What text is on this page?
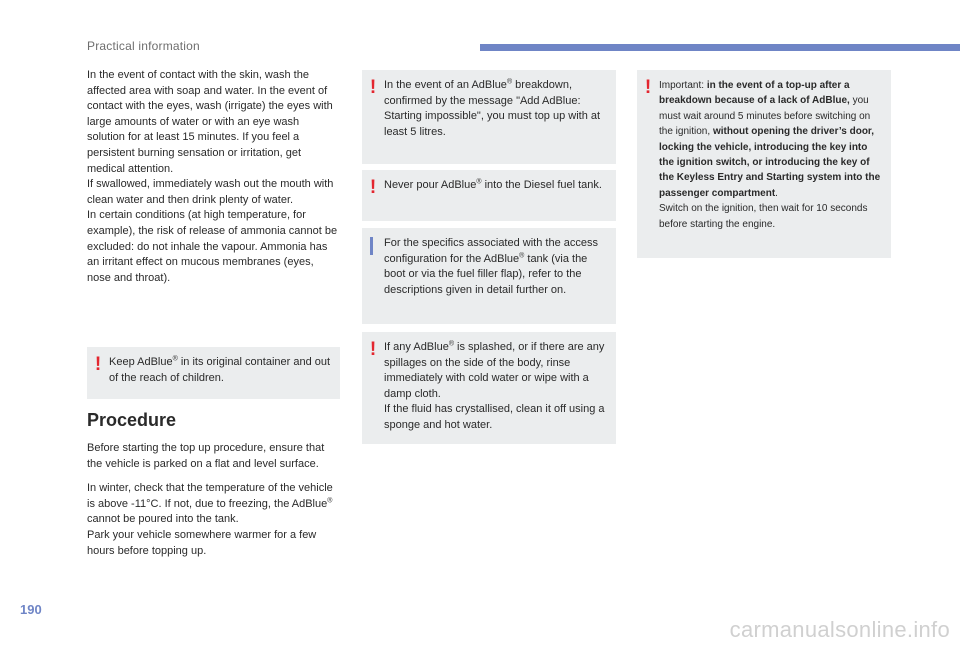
Practical information

In the event of contact with the skin, wash the affected area with soap and water. In the event of contact with the eyes, wash (irrigate) the eyes with large amounts of water or with an eye wash solution for at least 15 minutes. If you feel a persistent burning sensation or irritation, get medical attention.

If swallowed, immediately wash out the mouth with clean water and then drink plenty of water.

In certain conditions (at high temperature, for example), the risk of release of ammonia cannot be excluded: do not inhale the vapour. Ammonia has an irritant effect on mucous membranes (eyes, nose and throat).

! Keep AdBlue® in its original container and out of the reach of children.

Procedure

Before starting the top up procedure, ensure that the vehicle is parked on a flat and level surface.

In winter, check that the temperature of the vehicle is above -11°C. If not, due to freezing, the AdBlue® cannot be poured into the tank.

Park your vehicle somewhere warmer for a few hours before topping up.

! In the event of an AdBlue® breakdown, confirmed by the message "Add AdBlue: Starting impossible", you must top up with at least 5 litres.

! Never pour AdBlue® into the Diesel fuel tank.

For the specifics associated with the access configuration for the AdBlue® tank (via the boot or via the fuel filler flap), refer to the descriptions given in detail further on.

! If any AdBlue® is splashed, or if there are any spillages on the side of the body, rinse immediately with cold water or wipe with a damp cloth.

If the fluid has crystallised, clean it off using a sponge and hot water.

! Important: in the event of a top-up after a breakdown because of a lack of AdBlue, you must wait around 5 minutes before switching on the ignition, without opening the driver’s door, locking the vehicle, introducing the key into the ignition switch, or introducing the key of the Keyless Entry and Starting system into the passenger compartment.

Switch on the ignition, then wait for 10 seconds before starting the engine.

190
carmanualsonline.info
